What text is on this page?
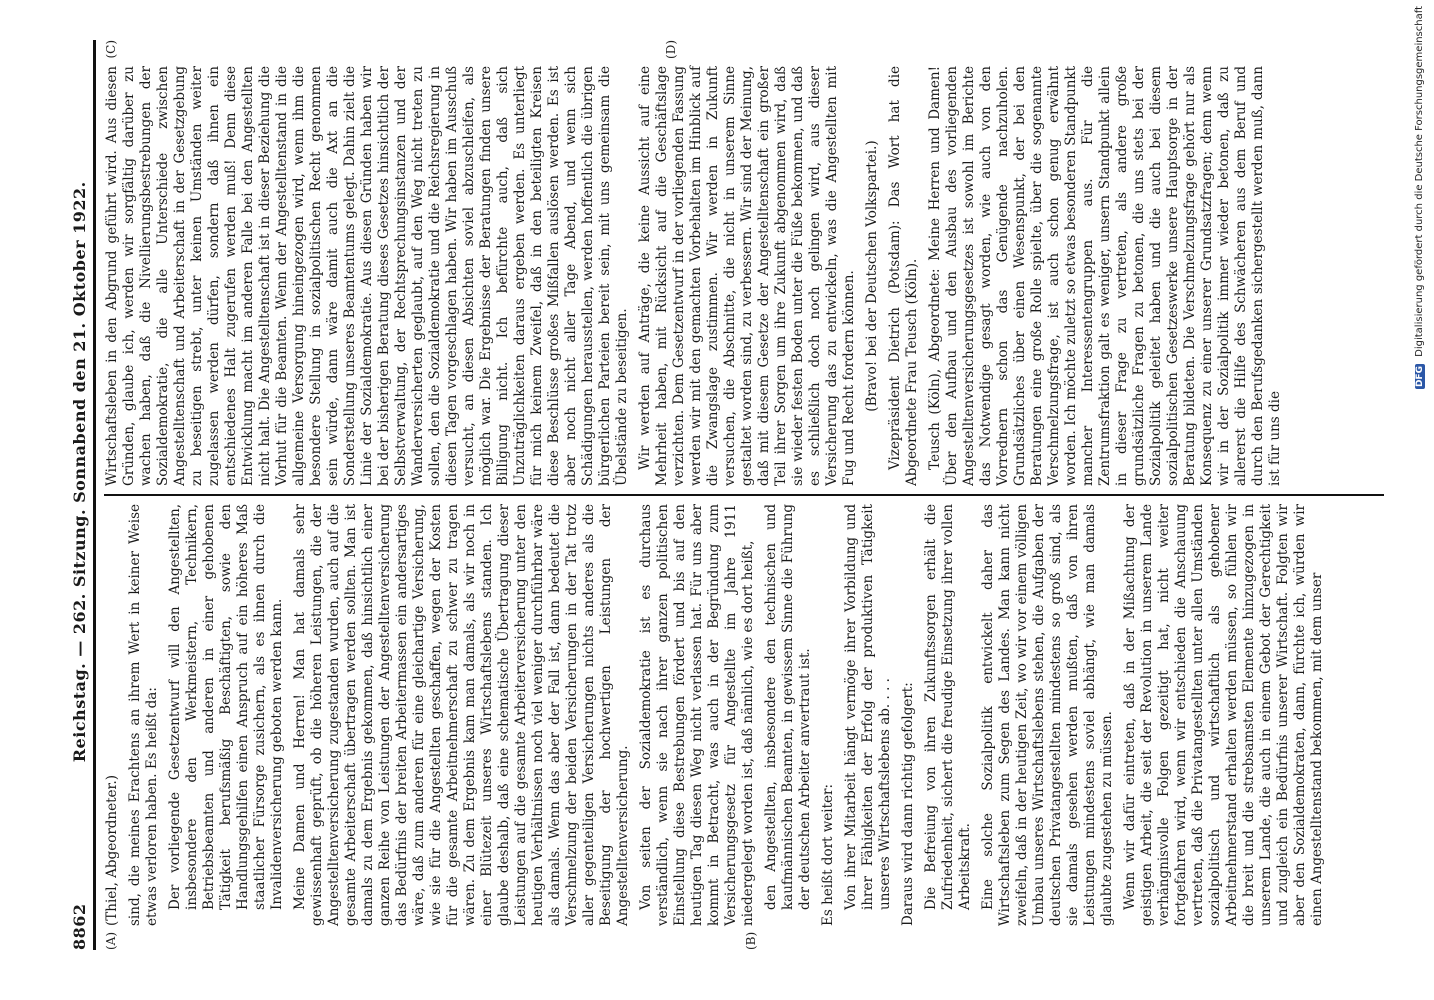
DFG Digitalisierung gefördert durch die Deutsche Forschungsgemeinschaft
8862
Reichstag. — 262. Sitzung. Sonnabend den 21. Oktober 1922.
(A)	(B)
(Thiel, Abgeordneter.) sind, die meines Erachtens an ihrem Wert in keiner Weise etwas verloren haben. Es heißt da: Der vorliegende Gesetzentwurf will den Angestellten, insbesondere den Werkmeistern, Technikern, Betriebsbeamten und anderen in einer gehobenen Tätigkeit berufsmäßig Beschäftigten, sowie den Handlungsgehilfen einen Anspruch auf ein höheres Maß staatlicher Fürsorge zusichern, als es ihnen durch die Invalidenversicherung geboten werden kann. Meine Damen und Herren! Man hat damals sehr gewissenhaft geprüft, ob die höheren Leistungen, die der Angestelltenversicherung zugestanden wurden, auch auf die gesamte Arbeiterschaft übertragen werden sollten. Man ist damals zu dem Ergebnis gekommen, daß hinsichtlich einer ganzen Reihe von Leistungen der Angestelltenversicherung das Bedürfnis der breiten Arbeitermassen ein andersartiges wäre, daß zum anderen für eine gleichartige Versicherung, wie sie für die Angestellten geschaffen, wegen der Kosten für die gesamte Arbeitnehmerschaft zu schwer zu tragen wären. Zu dem Ergebnis kam man damals, als wir noch in einer Blütezeit unseres Wirtschaftslebens standen. Ich glaube deshalb, daß eine schematische Übertragung dieser Leistungen auf die gesamte Arbeiterversicherung unter den heutigen Verhältnissen noch viel weniger durchführbar wäre als damals. Wenn das aber der Fall ist, dann bedeutet die Verschmelzung der beiden Versicherungen in der Tat trotz aller gegenteiligen Versicherungen nichts anderes als die Beseitigung der hochwertigen Leistungen der Angestelltenversicherung. Von seiten der Sozialdemokratie ist es durchaus verständlich, wenn sie nach ihrer ganzen politischen Einstellung diese Bestrebungen fördert und bis auf den heutigen Tag diesen Weg nicht verlassen hat. Für uns aber kommt in Betracht, was auch in der Begründung zum Versicherungsgesetz für Angestellte im Jahre 1911 niedergelegt worden ist, daß nämlich, wie es dort heißt, den Angestellten, insbesondere den technischen und kaufmännischen Beamten, in gewissem Sinne die Führung der deutschen Arbeiter anvertraut ist. Es heißt dort weiter: Von ihrer Mitarbeit hängt vermöge ihrer Vorbildung und ihrer Fähigkeiten der Erfolg der produktiven Tätigkeit unseres Wirtschaftslebens ab. . . . Daraus wird dann richtig gefolgert: Die Befreiung von ihren Zukunftssorgen erhält die Zufriedenheit, sichert die freudige Einsetzung ihrer vollen Arbeitskraft. Eine solche Sozialpolitik entwickelt daher das Wirtschaftsleben zum Segen des Landes. Man kann nicht zweifeln, daß in der heutigen Zeit, wo wir vor einem völligen Umbau unseres Wirtschaftslebens stehen, die Aufgaben der deutschen Privatangestellten mindestens so groß sind, als sie damals gesehen werden mußten, daß von ihren Leistungen mindestens soviel abhängt, wie man damals glaubte zugestehen zu müssen. Wenn wir dafür eintreten, daß in der Mißachtung der geistigen Arbeit, die seit der Revolution in unserem Lande verhängnisvolle Folgen gezeitigt hat, nicht weiter fortgefahren wird, wenn wir entschieden die Anschauung vertreten, daß die Privatangestellten unter allen Umständen sozialpolitisch und wirtschaftlich als gehobener Arbeitnehmerstand erhalten werden müssen, so fühlen wir die breit und die strebsamsten Elemente hinzugezogen in unserem Lande, die auch in einem Gebot der Gerechtigkeit und zugleich ein Bedürfnis unserer Wirtschaft. Folgten wir aber den Sozialdemokraten, dann, fürchte ich, würden wir einen Angestelltenstand bekommen, mit dem unser
(C)	(D)
Wirtschaftsleben in den Abgrund geführt wird. Aus diesen Gründen, glaube ich, werden wir sorgfältig darüber zu wachen haben, daß die Nivellierungsbestrebungen der Sozialdemokratie, die alle Unterschiede zwischen Angestelltenschaft und Arbeiterschaft in der Gesetzgebung zu beseitigen strebt, unter keinen Umständen weiter zugelassen werden dürfen, sondern daß ihnen ein entschiedenes Halt zugerufen werden muß! Denn diese Entwicklung macht im anderen Falle bei den Angestellten nicht halt. Die Angestelltenschaft ist in dieser Beziehung die Vorhut für die Beamten. Wenn der Angestelltenstand in die allgemeine Versorgung hineingezogen wird, wenn ihm die besondere Stellung in sozialpolitischen Recht genommen sein würde, dann wäre damit auch die Axt an die Sonderstellung unseres Beamtentums gelegt. Dahin zielt die Linie der Sozialdemokratie. Aus diesen Gründen haben wir bei der bisherigen Beratung dieses Gesetzes hinsichtlich der Selbstverwaltung, der Rechtsprechungsinstanzen und der Wanderversicherten geglaubt, auf den Weg nicht treten zu sollen, den die Sozialdemokratie und die Reichsregierung in diesen Tagen vorgeschlagen haben. Wir haben im Ausschuß versucht, an diesen Absichten soviel abzuschleifen, als möglich war. Die Ergebnisse der Beratungen finden unsere Billigung nicht. Ich befürchte auch, daß sich Unzuträglichkeiten daraus ergeben werden. Es unterliegt für mich keinem Zweifel, daß in den beteiligten Kreisen diese Beschlüsse großes Mißfallen auslösen werden. Es ist aber noch nicht aller Tage Abend, und wenn sich Schädigungen herausstellen, werden hoffentlich die übrigen bürgerlichen Parteien bereit sein, mit uns gemeinsam die Übelstände zu beseitigen. Wir werden auf Anträge, die keine Aussicht auf eine Mehrheit haben, mit Rücksicht auf die Geschäftslage verzichten. Dem Gesetzentwurf in der vorliegenden Fassung werden wir mit den gemachten Vorbehalten im Hinblick auf die Zwangslage zustimmen. Wir werden in Zukunft versuchen, die Abschnitte, die nicht in unserem Sinne gestaltet worden sind, zu verbessern. Wir sind der Meinung, daß mit diesem Gesetze der Angestelltenschaft ein großer Teil ihrer Sorgen um ihre Zukunft abgenommen wird, daß sie wieder festen Boden unter die Füße bekommen, und daß es schließlich doch noch gelingen wird, aus dieser Versicherung das zu entwickeln, was die Angestellten mit Fug und Recht fordern können. (Bravo! bei der Deutschen Volkspartei.) Vizepräsident Dietrich (Potsdam): Das Wort hat die Abgeordnete Frau Teusch (Köln). Teusch (Köln), Abgeordnete: Meine Herren und Damen! Über den Aufbau und den Ausbau des vorliegenden Angestelltenversicherungsgesetzes ist sowohl im Berichte das Notwendige gesagt worden, wie auch von den Vorrednern schon das Genügende nachzuholen. Grundsätzliches über einen Wesenspunkt, der bei den Beratungen eine große Rolle spielte, über die sogenannte Verschmelzungsfrage, ist auch schon genug erwähnt worden. Ich möchte zuletzt so etwas besonderen Standpunkt mancher Interessentengruppen aus. Für die Zentrumsfraktion galt es weniger, unsern Standpunkt allein in dieser Frage zu vertreten, als andere große grundsätzliche Fragen zu betonen, die uns stets bei der Sozialpolitik geleitet haben und die auch bei diesem sozialpolitischen Gesetzeswerke unsere Hauptsorge in der Beratung bildeten. Die Verschmelzungsfrage gehört nur als Konsequenz zu einer unserer Grundsatzfragen; denn wenn wir in der Sozialpolitik immer wieder betonen, daß zu allererst die Hilfe des Schwächeren aus dem Beruf und durch den Berufsgedanken sichergestellt werden muß, dann ist für uns die
